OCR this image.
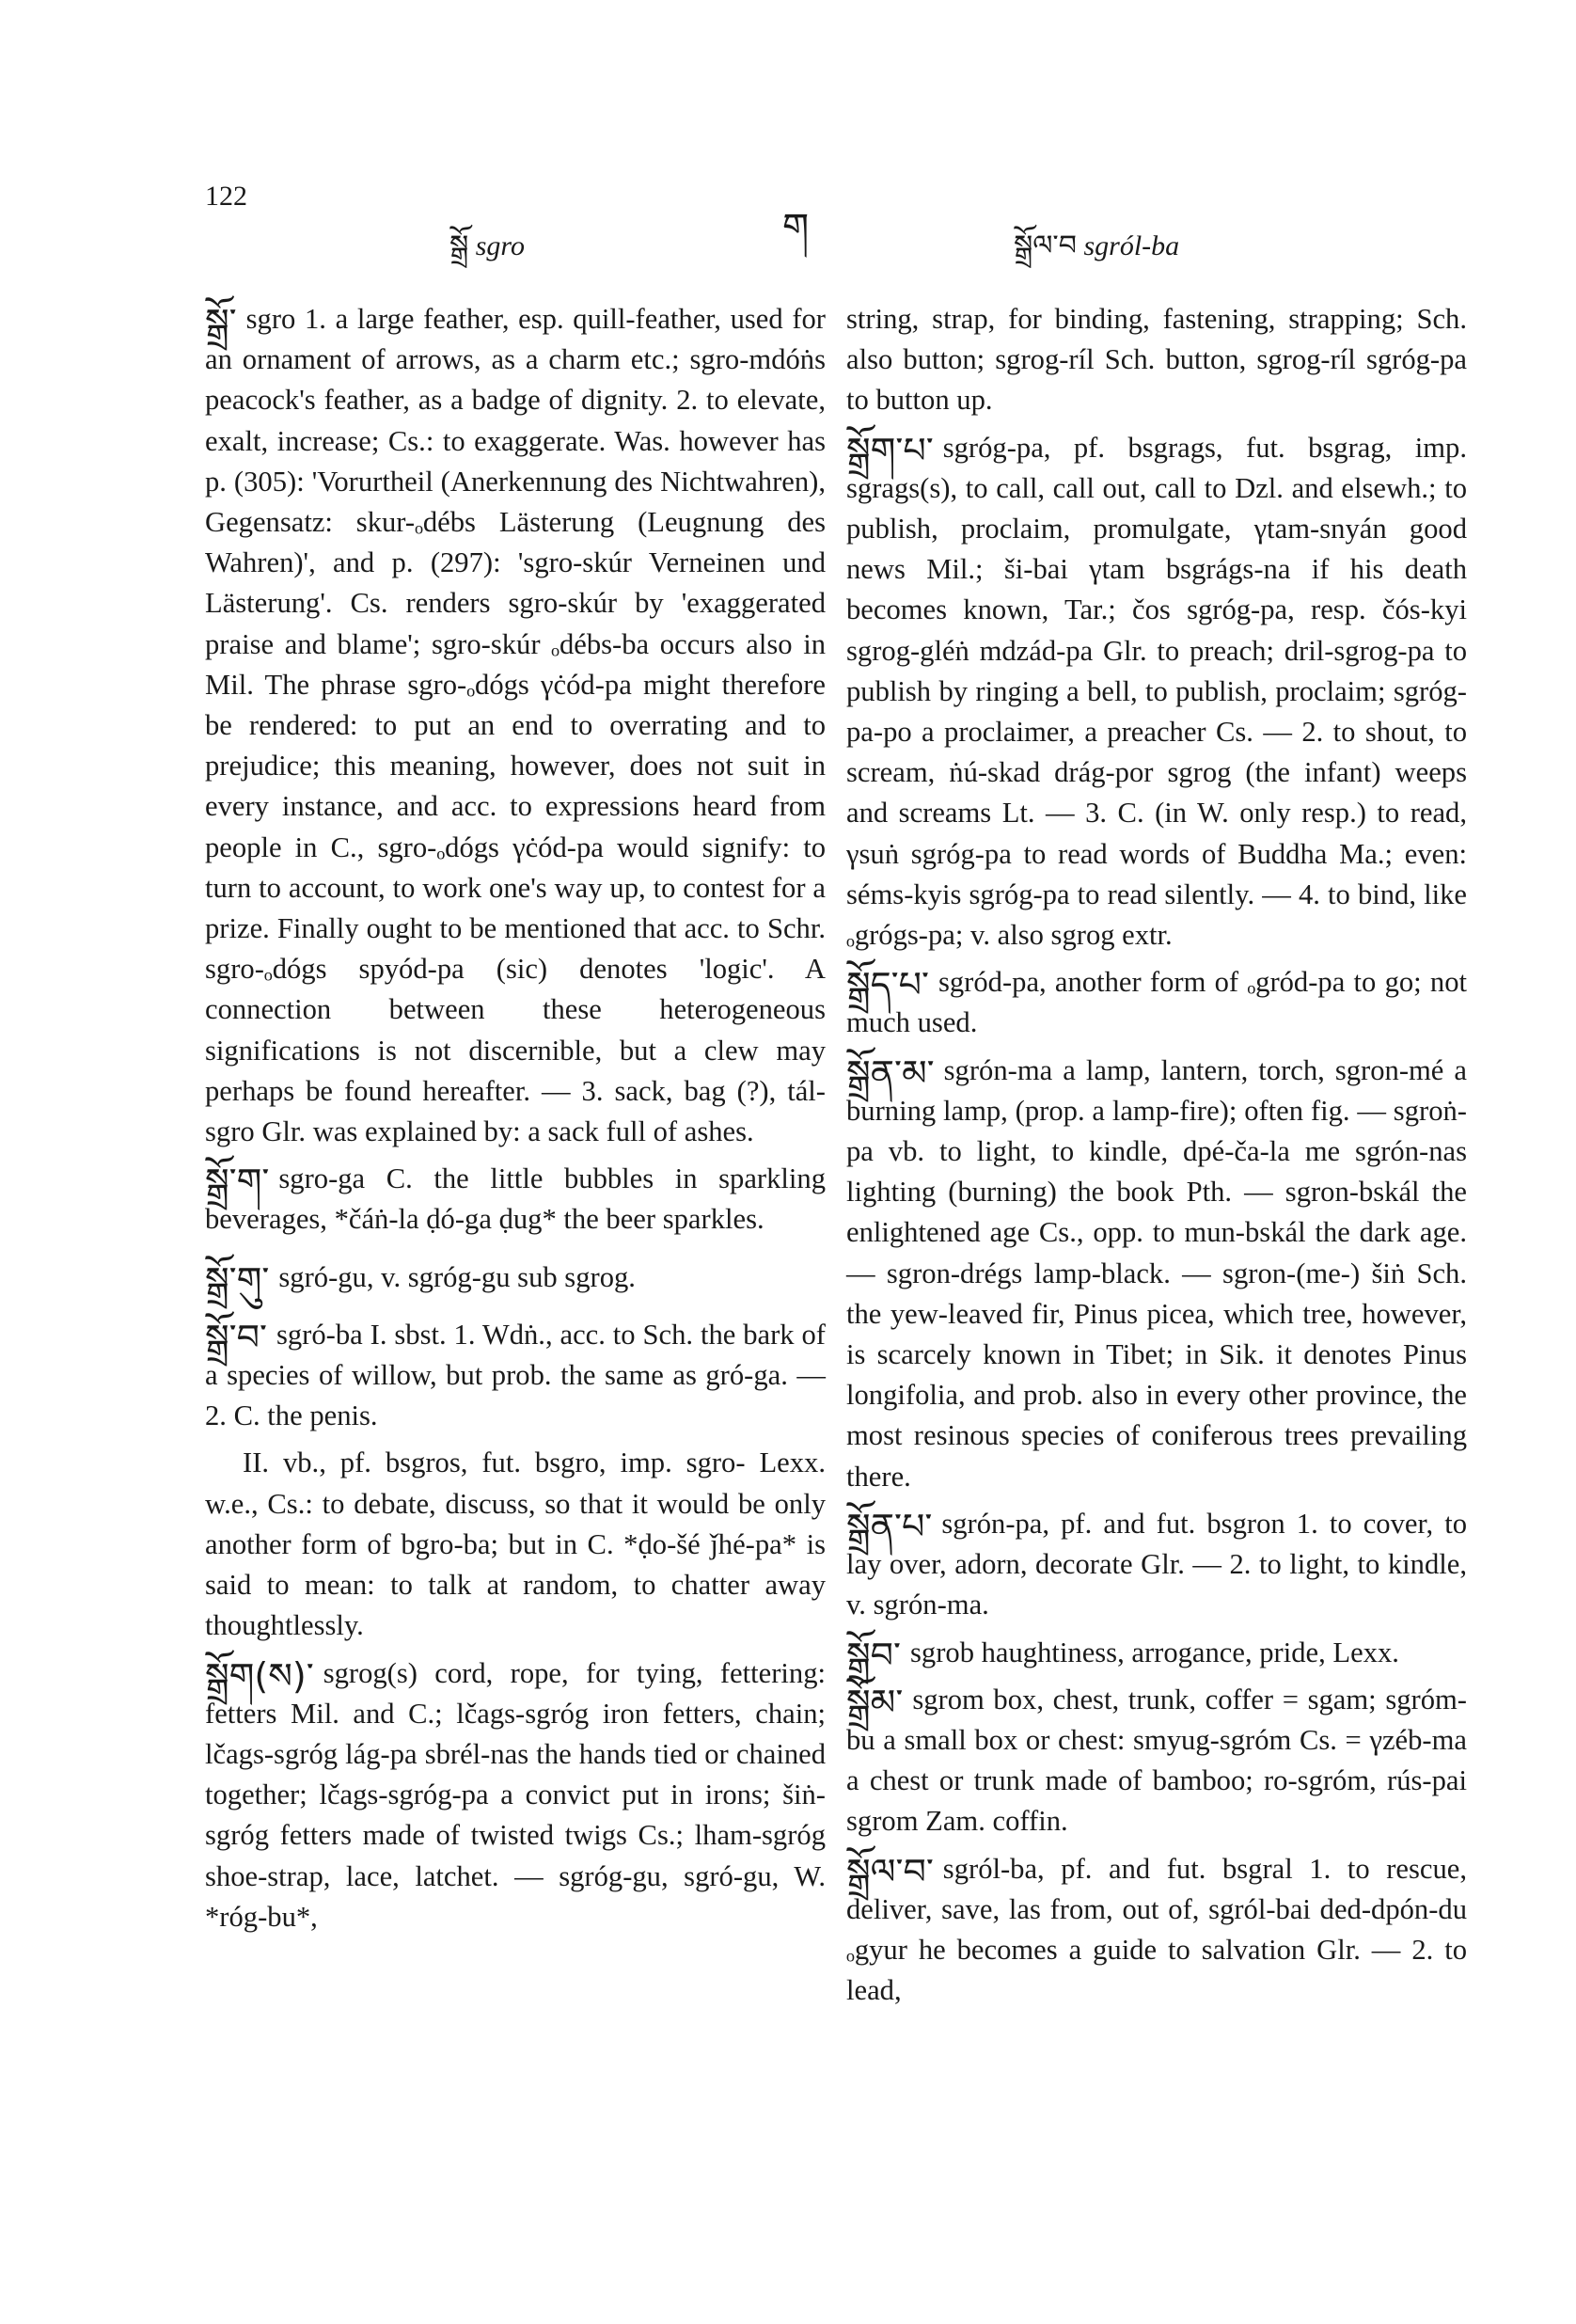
122
སྒྲོ sgro	ག	སྒྲོལ་བ sgról-ba

སྒྲོ་ sgro 1. a large feather, esp. quill-feather, used for an ornament of arrows, as a charm etc.; sgro-mdóṅs peacock's feather, as a badge of dignity. 2. to elevate, exalt, increase; Cs.: to exaggerate. Was. however has p. (305): 'Vorurtheil (Anerkennung des Nichtwahren), Gegensatz: skur-ₒdébs Lästerung (Leugnung des Wahren)', and p. (297): 'sgro-skúr Verneinen und Lästerung'. Cs. renders sgro-skúr by 'exaggerated praise and blame'; sgro-skúr ₒdébs-ba occurs also in Mil. The phrase sgro-ₒdógs γċód-pa might therefore be rendered: to put an end to overrating and to prejudice; this meaning, however, does not suit in every instance, and acc. to expressions heard from people in C., sgro-ₒdógs γċód-pa would signify: to turn to account, to work one's way up, to contest for a prize. Finally ought to be mentioned that acc. to Schr. sgro-ₒdógs spyód-pa (sic) denotes 'logic'. A connection between these heterogeneous significations is not discernible, but a clew may perhaps be found hereafter. — 3. sack, bag (?), tál-sgro Glr. was explained by: a sack full of ashes.

སྒྲོ་ག་ sgro-ga C. the little bubbles in sparkling beverages, *čáṅ-la ḍó-ga ḍug* the beer sparkles.

སྒྲོ་གུ་ sgró-gu, v. sgróg-gu sub sgrog.

སྒྲོ་བ་ sgró-ba I. sbst. 1. Wdṅ., acc. to Sch. the bark of a species of willow, but prob. the same as gró-ga. — 2. C. the penis.

II. vb., pf. bsgros, fut. bsgro, imp. sgro- Lexx. w.e., Cs.: to debate, discuss, so that it would be only another form of bgro-ba; but in C. *ḍo-šé ǰhé-pa* is said to mean: to talk at random, to chatter away thoughtlessly.

སྒྲོག(ས)་ sgrog(s) cord, rope, for tying, fettering: fetters Mil. and C.; lčags-sgróg iron fetters, chain; lčags-sgróg lág-pa sbrél-nas the hands tied or chained together; lčags-sgróg-pa a convict put in irons; šiṅ-sgróg fetters made of twisted twigs Cs.; lham-sgróg shoe-strap, lace, latchet. — sgróg-gu, sgró-gu, W. *róg-bu*,

string, strap, for binding, fastening, strapping; Sch. also button; sgrog-ríl Sch. button, sgrog-ríl sgróg-pa to button up.

སྒྲོག་པ་ sgróg-pa, pf. bsgrags, fut. bsgrag, imp. sgrags(s), to call, call out, call to Dzl. and elsewh.; to publish, proclaim, promulgate, γtam-snyán good news Mil.; ši-bai γtam bsgrágs-na if his death becomes known, Tar.; čos sgróg-pa, resp. čós-kyi sgrog-gléṅ mdzád-pa Glr. to preach; dril-sgrog-pa to publish by ringing a bell, to publish, proclaim; sgróg-pa-po a proclaimer, a preacher Cs. — 2. to shout, to scream, ṅú-skad drág-por sgrog (the infant) weeps and screams Lt. — 3. C. (in W. only resp.) to read, γsuṅ sgróg-pa to read words of Buddha Ma.; even: séms-kyis sgróg-pa to read silently. — 4. to bind, like ₒgrógs-pa; v. also sgrog extr.

སྒྲོད་པ་ sgród-pa, another form of ₒgród-pa to go; not much used.

སྒྲོན་མ་ sgrón-ma a lamp, lantern, torch, sgron-mé a burning lamp, (prop. a lamp-fire); often fig. — sgroṅ-pa vb. to light, to kindle, dpé-ča-la me sgrón-nas lighting (burning) the book Pth. — sgron-bskál the enlightened age Cs., opp. to mun-bskál the dark age. — sgron-drégs lamp-black. — sgron-(me-) šiṅ Sch. the yew-leaved fir, Pinus picea, which tree, however, is scarcely known in Tibet; in Sik. it denotes Pinus longifolia, and prob. also in every other province, the most resinous species of coniferous trees prevailing there.

སྒྲོན་པ་ sgrón-pa, pf. and fut. bsgron 1. to cover, to lay over, adorn, decorate Glr. — 2. to light, to kindle, v. sgrón-ma.

སྒྲོབ་ sgrob haughtiness, arrogance, pride, Lexx.

སྒྲོམ་ sgrom box, chest, trunk, coffer = sgam; sgróm-bu a small box or chest: smyug-sgróm Cs. = γzéb-ma a chest or trunk made of bamboo; ro-sgróm, rús-pai sgrom Zam. coffin.

སྒྲོལ་བ་ sgról-ba, pf. and fut. bsgral 1. to rescue, deliver, save, las from, out of, sgról-bai ded-dpón-du ₒgyur he becomes a guide to salvation Glr. — 2. to lead,
